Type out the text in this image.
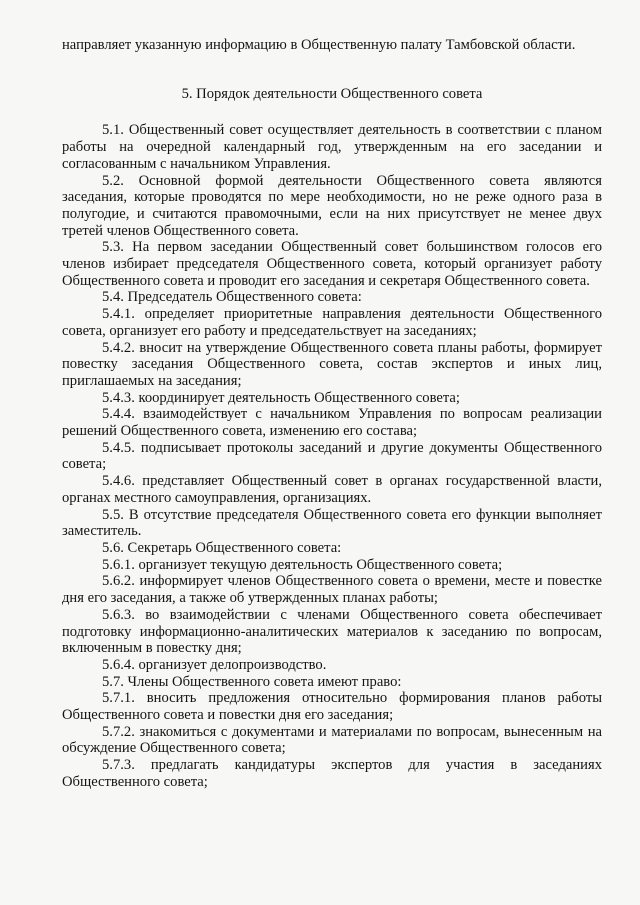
направляет указанную информацию в Общественную палату Тамбовской области.

5. Порядок деятельности Общественного совета

5.1. Общественный совет осуществляет деятельность в соответствии с планом работы на очередной календарный год, утвержденным на его заседании и согласованным с начальником Управления.

5.2. Основной формой деятельности Общественного совета являются заседания, которые проводятся по мере необходимости, но не реже одного раза в полугодие, и считаются правомочными, если на них присутствует не менее двух третей членов Общественного совета.

5.3. На первом заседании Общественный совет большинством голосов его членов избирает председателя Общественного совета, который организует работу Общественного совета и проводит его заседания и секретаря Общественного совета.

5.4. Председатель Общественного совета:

5.4.1. определяет приоритетные направления деятельности Общественного совета, организует его работу и председательствует на заседаниях;

5.4.2. вносит на утверждение Общественного совета планы работы, формирует повестку заседания Общественного совета, состав экспертов и иных лиц, приглашаемых на заседания;

5.4.3. координирует деятельность Общественного совета;

5.4.4. взаимодействует с начальником Управления по вопросам реализации решений Общественного совета, изменению его состава;

5.4.5. подписывает протоколы заседаний и другие документы Общественного совета;

5.4.6. представляет Общественный совет в органах государственной власти, органах местного самоуправления, организациях.

5.5. В отсутствие председателя Общественного совета его функции выполняет заместитель.

5.6. Секретарь Общественного совета:

5.6.1. организует текущую деятельность Общественного совета;

5.6.2. информирует членов Общественного совета о времени, месте и повестке дня его заседания, а также об утвержденных планах работы;

5.6.3. во взаимодействии с членами Общественного совета обеспечивает подготовку информационно-аналитических материалов к заседанию по вопросам, включенным в повестку дня;

5.6.4. организует делопроизводство.

5.7. Члены Общественного совета имеют право:

5.7.1. вносить предложения относительно формирования планов работы Общественного совета и повестки дня его заседания;

5.7.2. знакомиться с документами и материалами по вопросам, вынесенным на обсуждение Общественного совета;

5.7.3. предлагать кандидатуры экспертов для участия в заседаниях Общественного совета;
